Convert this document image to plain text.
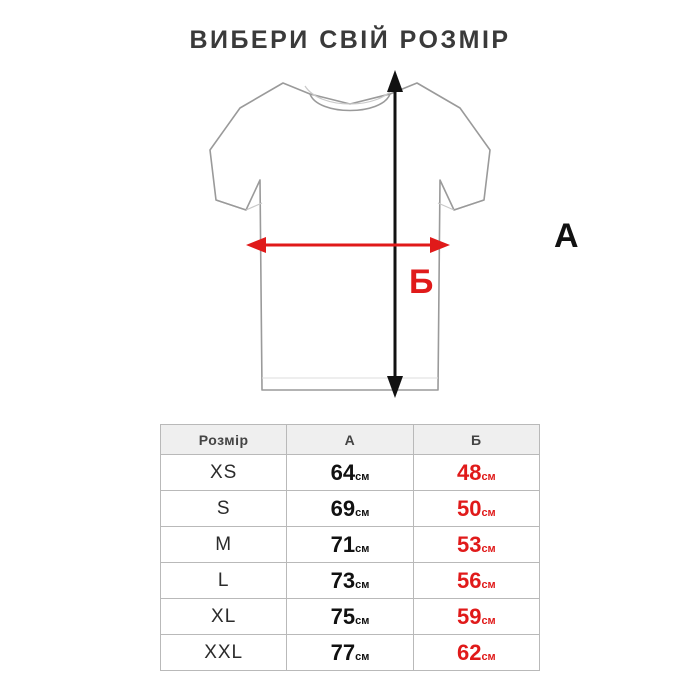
ВИБЕРИ СВІЙ РОЗМІР
А
Б
Розмір	А	Б
XS	64 см	48 см

S	69 см	50 см

M	71 см	53 см

L	73 см	56 см

XL	75 см	59 см

XXL	77 см	62 см
